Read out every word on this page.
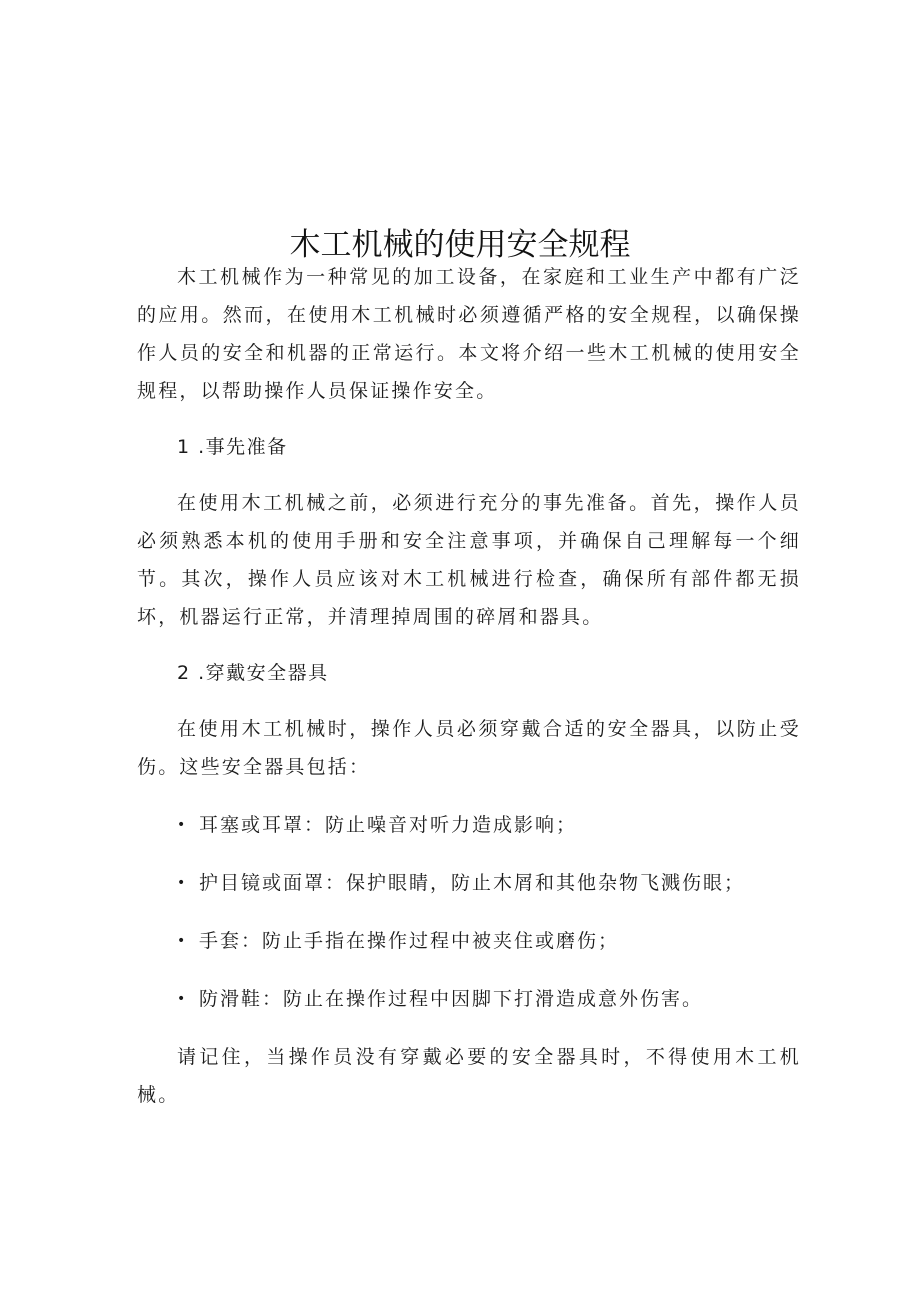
木工机械的使用安全规程

木工机械作为一种常见的加工设备，在家庭和工业生产中都有广泛的应用。然而，在使用木工机械时必须遵循严格的安全规程，以确保操作人员的安全和机器的正常运行。本文将介绍一些木工机械的使用安全规程，以帮助操作人员保证操作安全。

1 .事先准备

在使用木工机械之前，必须进行充分的事先准备。首先，操作人员必须熟悉本机的使用手册和安全注意事项，并确保自己理解每一个细节。其次，操作人员应该对木工机械进行检查，确保所有部件都无损坏，机器运行正常，并清理掉周围的碎屑和器具。

2 .穿戴安全器具

在使用木工机械时，操作人员必须穿戴合适的安全器具，以防止受伤。这些安全器具包括：

• 耳塞或耳罩：防止噪音对听力造成影响；
• 护目镜或面罩：保护眼睛，防止木屑和其他杂物飞溅伤眼；
• 手套：防止手指在操作过程中被夹住或磨伤；
• 防滑鞋：防止在操作过程中因脚下打滑造成意外伤害。

请记住，当操作员没有穿戴必要的安全器具时，不得使用木工机械。
